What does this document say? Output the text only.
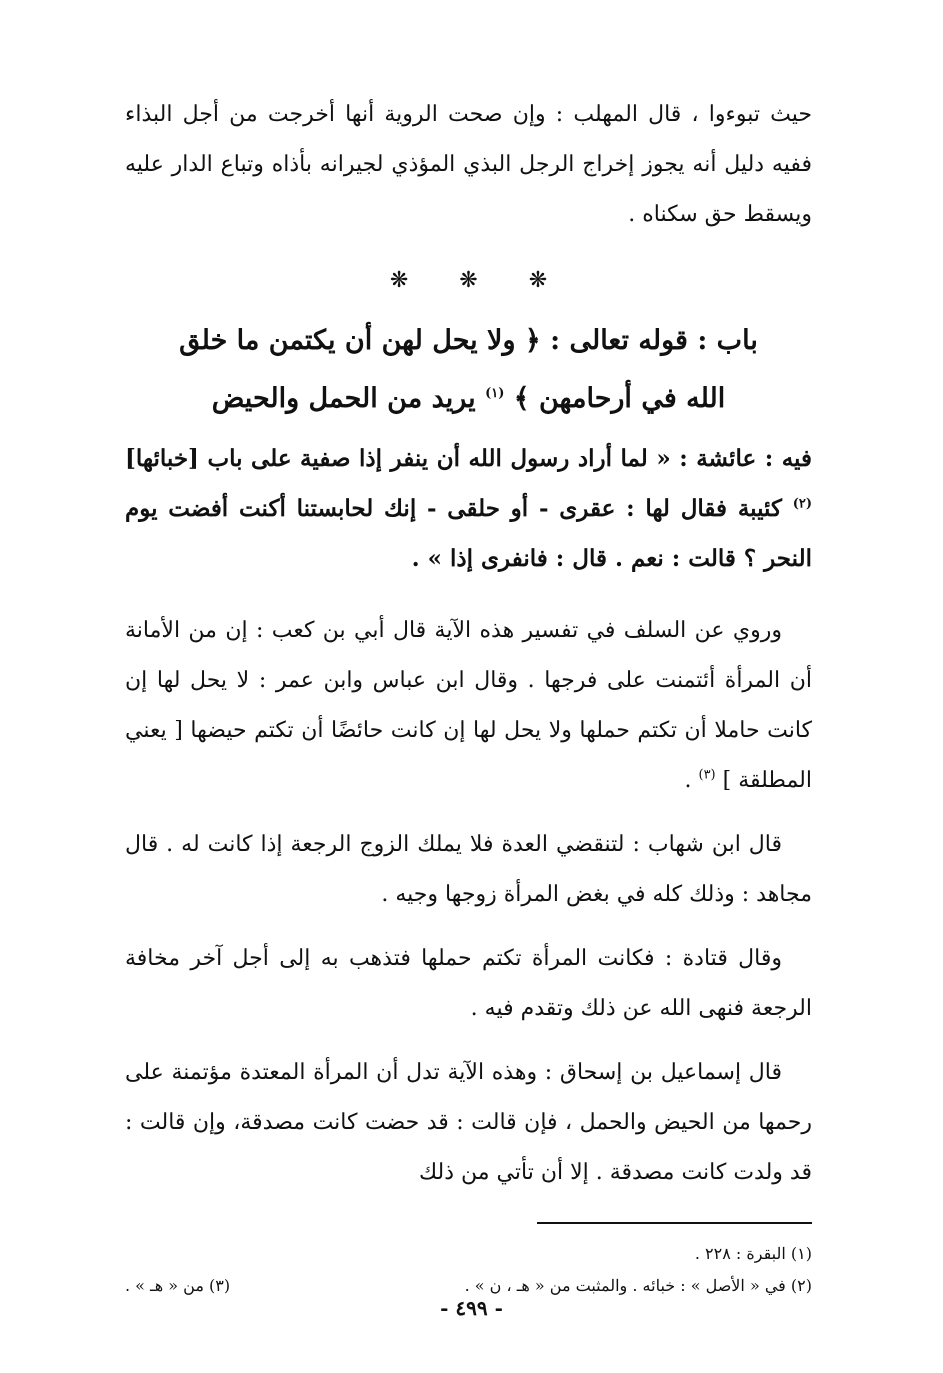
حيث تبوءوا ، قال المهلب : وإن صحت الروية أنها أخرجت من أجل البذاء ففيه دليل أنه يجوز إخراج الرجل البذي المؤذي لجيرانه بأذاه وتباع الدار عليه ويسقط حق سكناه .

❋ ❋ ❋

باب : قوله تعالى : ﴿ ولا يحل لهن أن يكتمن ما خلق الله في أرحامهن ﴾ $^{(١)}$ يريد من الحمل والحيض

فيه : عائشة : « لما أراد رسول الله أن ينفر إذا صفية على باب [خبائها]$^{(٢)}$ كئيبة فقال لها : عقرى - أو حلقى - إنك لحابستنا أكنت أفضت يوم النحر ؟ قالت : نعم . قال : فانفرى إذا » .

وروي عن السلف في تفسير هذه الآية قال أبي بن كعب : إن من الأمانة أن المرأة أئتمنت على فرجها . وقال ابن عباس وابن عمر : لا يحل لها إن كانت حاملا أن تكتم حملها ولا يحل لها إن كانت حائضًا أن تكتم حيضها [ يعني المطلقة ] $^{(٣)}$ .

قال ابن شهاب : لتنقضي العدة فلا يملك الزوج الرجعة إذا كانت له . قال مجاهد : وذلك كله في بغض المرأة زوجها وجيه .

وقال قتادة : فكانت المرأة تكتم حملها فتذهب به إلى أجل آخر مخافة الرجعة فنهى الله عن ذلك وتقدم فيه .

قال إسماعيل بن إسحاق : وهذه الآية تدل أن المرأة المعتدة مؤتمنة على رحمها من الحيض والحمل ، فإن قالت : قد حضت كانت مصدقة، وإن قالت : قد ولدت كانت مصدقة . إلا أن تأتي من ذلك

(١) البقرة : ٢٢٨ .
(٢) في « الأصل » : خبائه . والمثبت من « هـ ، ن » .
(٣) من « هـ » .
- ٤٩٩ -
